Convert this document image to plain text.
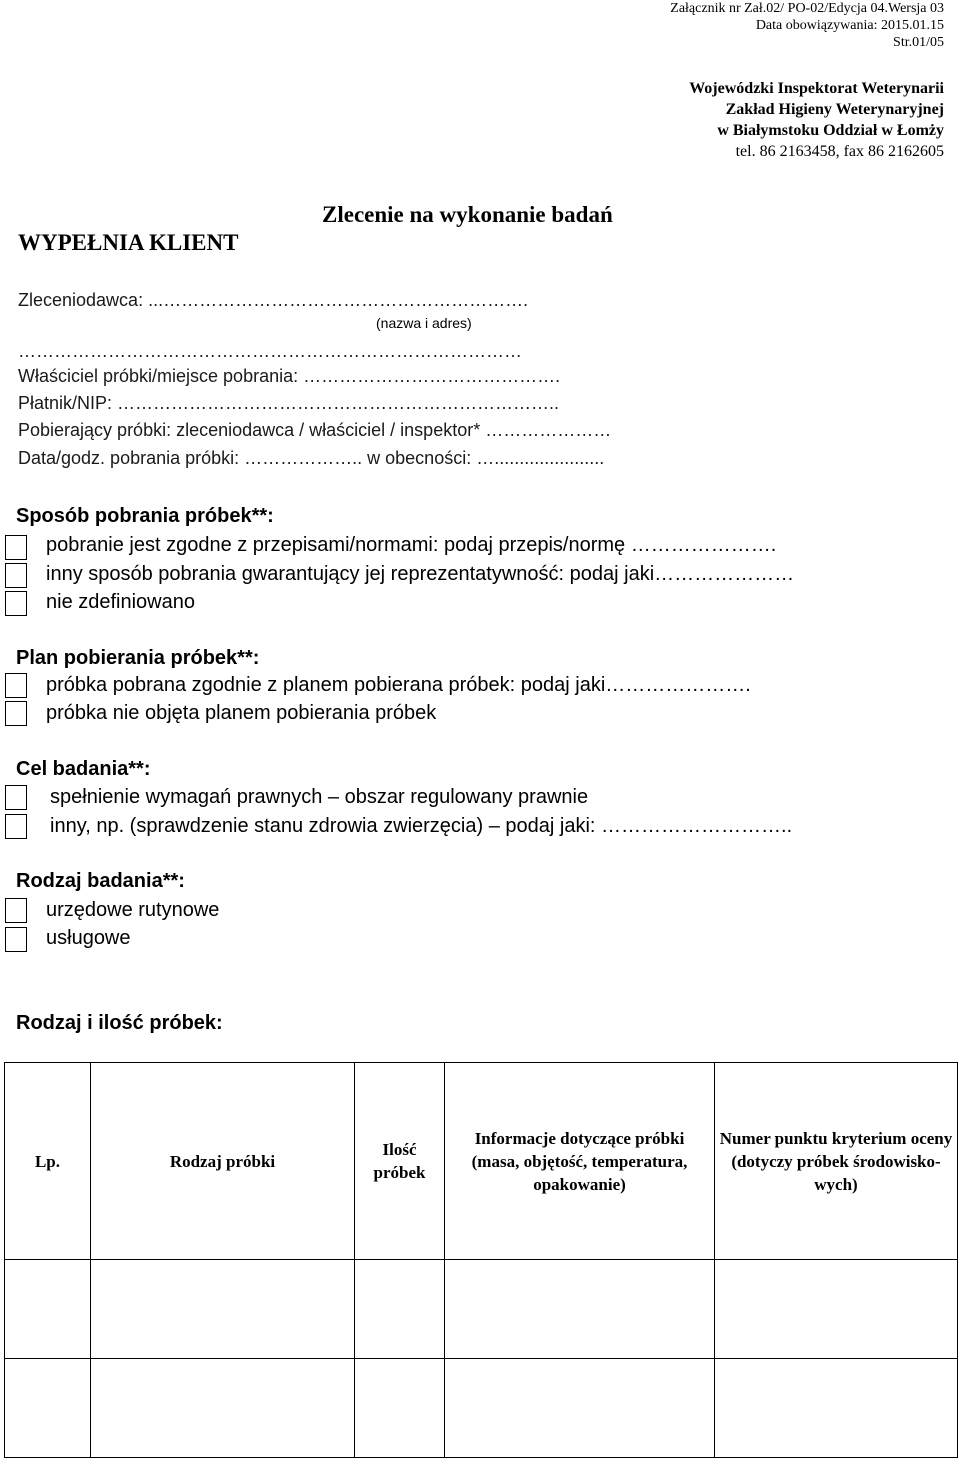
Załącznik nr Zał.02/ PO-02/Edycja 04.Wersja 03
Data obowiązywania: 2015.01.15
Str.01/05
Wojewódzki Inspektorat Weterynarii
Zakład Higieny Weterynaryjnej
w Białymstoku Oddział w Łomży
tel. 86 2163458, fax 86 2162605
Zlecenie na wykonanie badań
WYPEŁNIA KLIENT
Zleceniodawca: ...…………………………………………………….
(nazwa i adres)
…………………………………………………………………………
Właściciel próbki/miejsce pobrania: …………………………………….
Płatnik/NIP: ………………………………………………………………..
Pobierający próbki: zleceniodawca / właściciel / inspektor* …………………
Data/godz. pobrania próbki: ……………….. w obecności: …......................
Sposób pobrania próbek**:
pobranie jest zgodne z przepisami/normami: podaj przepis/normę ………………….
inny sposób pobrania gwarantujący jej reprezentatywność: podaj jaki…………………
nie zdefiniowano
Plan pobierania próbek**:
próbka pobrana zgodnie z planem pobierana próbek: podaj jaki………………….
próbka nie objęta planem pobierania próbek
Cel badania**:
spełnienie wymagań prawnych – obszar regulowany prawnie
inny, np. (sprawdzenie stanu zdrowia zwierzęcia) – podaj jaki: ………………………..
Rodzaj badania**:
urzędowe rutynowe
usługowe
Rodzaj i ilość próbek:
Lp.	Rodzaj próbki	Ilość próbek	Informacje dotyczące próbki (masa, objętość, temperatura, opakowanie)	Numer punktu kryterium oceny (dotyczy próbek środowisko-wych)
